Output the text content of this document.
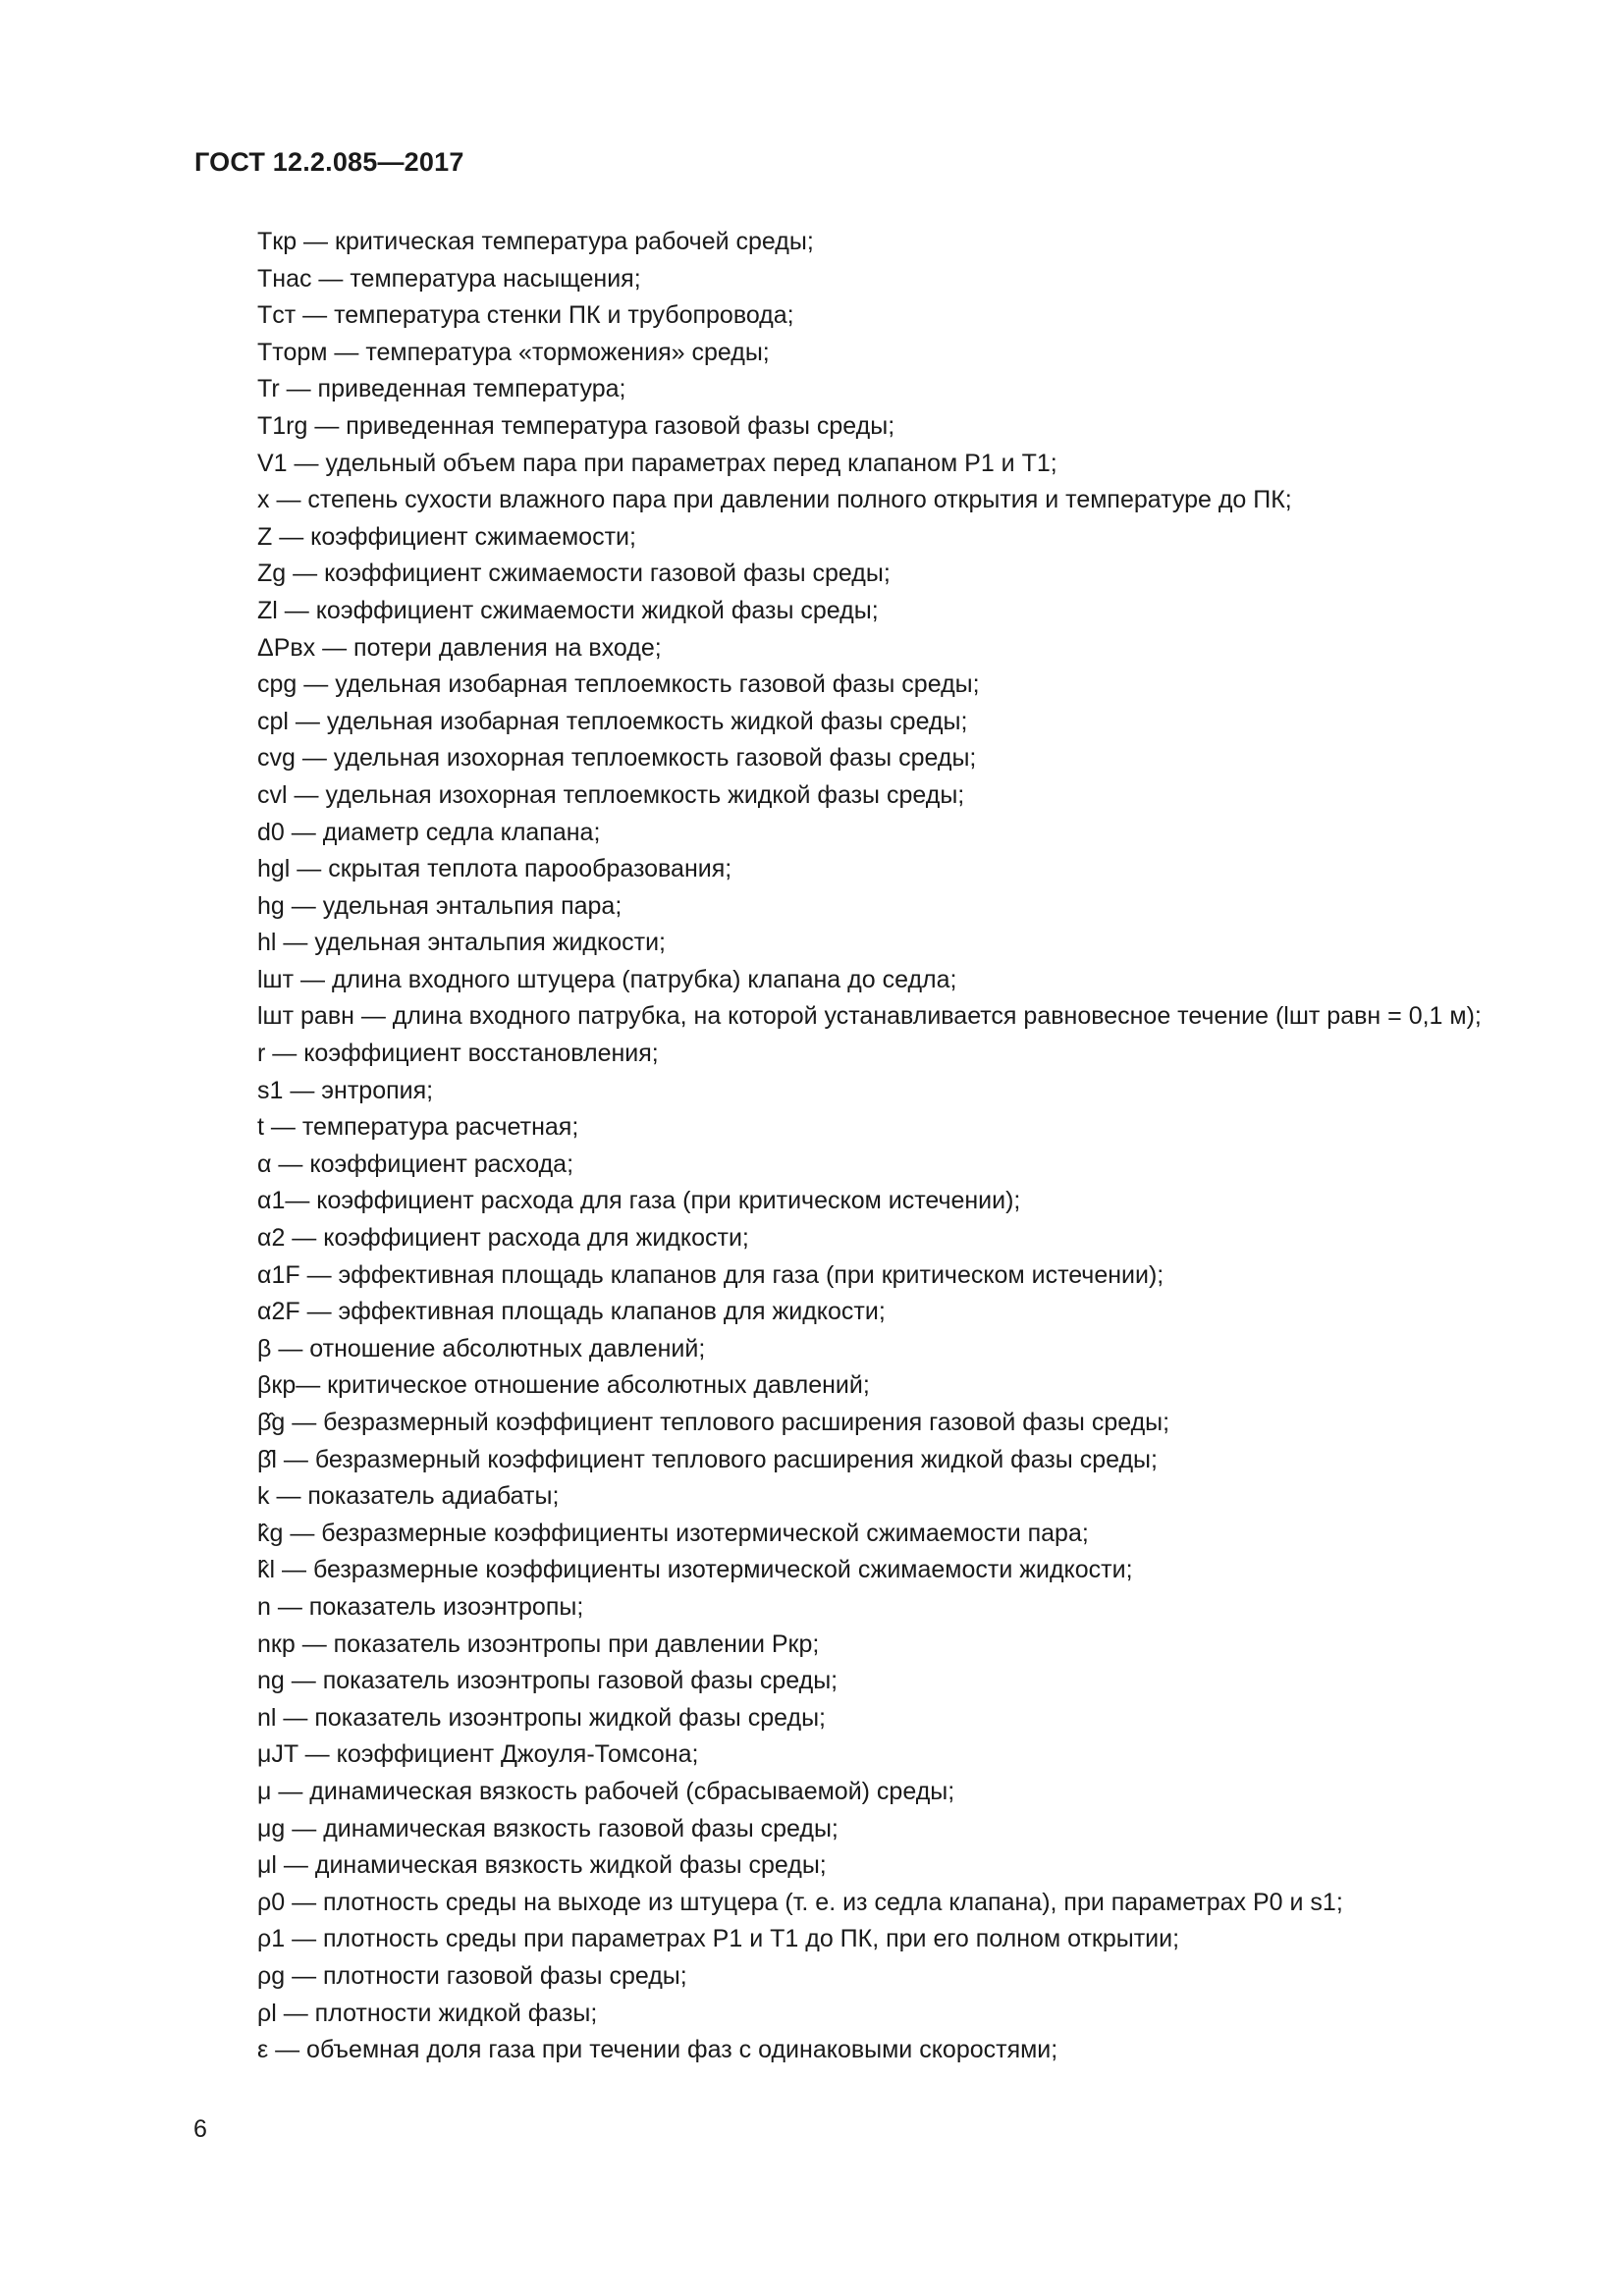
ГОСТ 12.2.085—2017
Tкр — критическая температура рабочей среды;
Tнас — температура насыщения;
Tст — температура стенки ПК и трубопровода;
Tторм — температура «торможения» среды;
Tr — приведенная температура;
T1rg — приведенная температура газовой фазы среды;
V1 — удельный объем пара при параметрах перед клапаном P1 и T1;
x — степень сухости влажного пара при давлении полного открытия и температуре до ПК;
Z — коэффициент сжимаемости;
Zg — коэффициент сжимаемости газовой фазы среды;
Zl — коэффициент сжимаемости жидкой фазы среды;
ΔPвх — потери давления на входе;
cpg — удельная изобарная теплоемкость газовой фазы среды;
cpl — удельная изобарная теплоемкость жидкой фазы среды;
cvg — удельная изохорная теплоемкость газовой фазы среды;
cvl — удельная изохорная теплоемкость жидкой фазы среды;
d0 — диаметр седла клапана;
hgl — скрытая теплота парообразования;
hg — удельная энтальпия пара;
hl — удельная энтальпия жидкости;
lшт — длина входного штуцера (патрубка) клапана до седла;
lшт равн — длина входного патрубка, на которой устанавливается равновесное течение (lшт равн = 0,1 м);
r — коэффициент восстановления;
s1 — энтропия;
t — температура расчетная;
α — коэффициент расхода;
α1— коэффициент расхода для газа (при критическом истечении);
α2 — коэффициент расхода для жидкости;
α1F — эффективная площадь клапанов для газа (при критическом истечении);
α2F — эффективная площадь клапанов для жидкости;
β — отношение абсолютных давлений;
βкр— критическое отношение абсолютных давлений;
β̂g — безразмерный коэффициент теплового расширения газовой фазы среды;
β̂l — безразмерный коэффициент теплового расширения жидкой фазы среды;
k — показатель адиабаты;
k̂g — безразмерные коэффициенты изотермической сжимаемости пара;
k̂l — безразмерные коэффициенты изотермической сжимаемости жидкости;
n — показатель изоэнтропы;
nкр — показатель изоэнтропы при давлении Pкр;
ng — показатель изоэнтропы газовой фазы среды;
nl — показатель изоэнтропы жидкой фазы среды;
μJT — коэффициент Джоуля-Томсона;
μ — динамическая вязкость рабочей (сбрасываемой) среды;
μg — динамическая вязкость газовой фазы среды;
μl — динамическая вязкость жидкой фазы среды;
ρ0 — плотность среды на выходе из штуцера (т. е. из седла клапана), при параметрах P0 и s1;
ρ1 — плотность среды при параметрах P1 и T1 до ПК, при его полном открытии;
ρg — плотности газовой фазы среды;
ρl — плотности жидкой фазы;
ε — объемная доля газа при течении фаз с одинаковыми скоростями;
6
